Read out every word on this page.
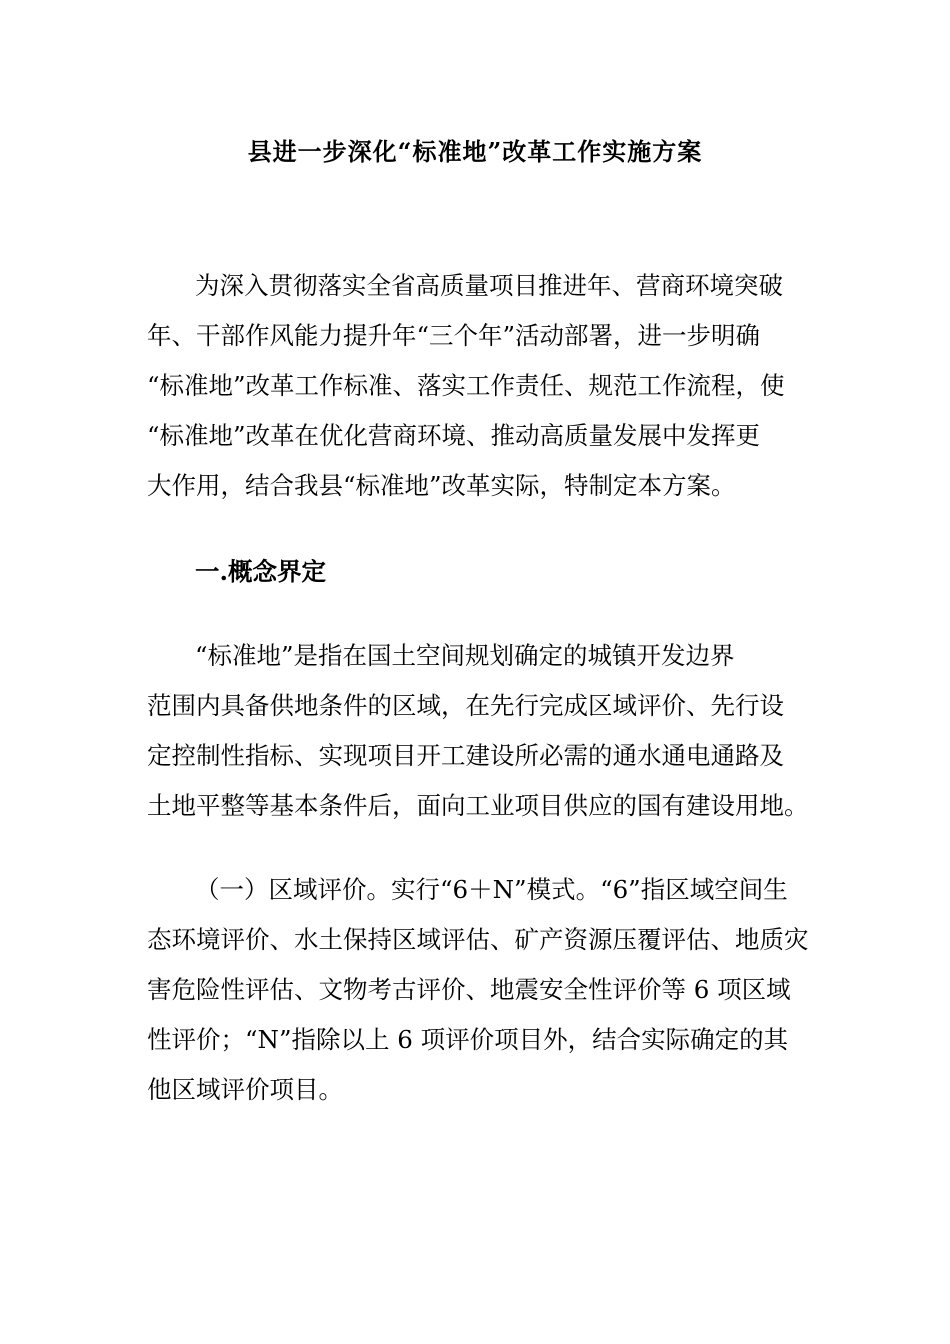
县进一步深化“标准地”改革工作实施方案

为深入贯彻落实全省高质量项目推进年、营商环境突破

年、干部作风能力提升年“三个年”活动部署，进一步明确

“标准地”改革工作标准、落实工作责任、规范工作流程，使

“标准地”改革在优化营商环境、推动高质量发展中发挥更

大作用，结合我县“标准地”改革实际，特制定本方案。

一.概念界定

“标准地”是指在国土空间规划确定的城镇开发边界

范围内具备供地条件的区域，在先行完成区域评价、先行设

定控制性指标、实现项目开工建设所必需的通水通电通路及

土地平整等基本条件后，面向工业项目供应的国有建设用地。

（一）区域评价。实行“6＋N”模式。“6”指区域空间生

态环境评价、水土保持区域评估、矿产资源压覆评估、地质灾

害危险性评估、文物考古评价、地震安全性评价等 6 项区域

性评价；“N”指除以上 6 项评价项目外，结合实际确定的其

他区域评价项目。
